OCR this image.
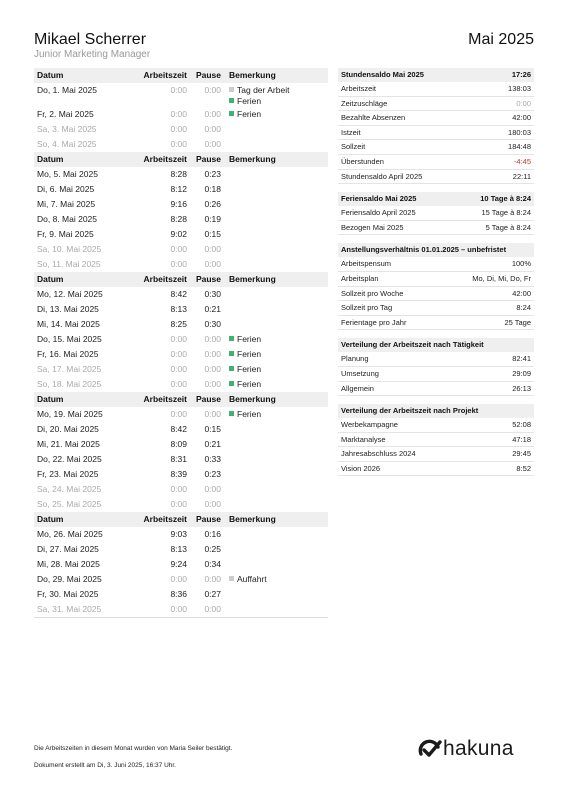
Mikael Scherrer
Junior Marketing Manager
Mai 2025
Datum	Arbeitszeit	Pause Bemerkung
Do, 1. Mai 2025	0:00	0:00	Tag der Arbeit
Ferien
Fr, 2. Mai 2025	0:00	0:00	Ferien
Sa, 3. Mai 2025	0:00	0:00
So, 4. Mai 2025	0:00	0:00
Datum	Arbeitszeit	Pause Bemerkung
Mo, 5. Mai 2025	8:28	0:23
Di, 6. Mai 2025	8:12	0:18
Mi, 7. Mai 2025	9:16	0:26
Do, 8. Mai 2025	8:28	0:19
Fr, 9. Mai 2025	9:02	0:15
Sa, 10. Mai 2025	0:00	0:00
So, 11. Mai 2025	0:00	0:00
Datum	Arbeitszeit	Pause Bemerkung
Mo, 12. Mai 2025	8:42	0:30
Di, 13. Mai 2025	8:13	0:21
Mi, 14. Mai 2025	8:25	0:30
Do, 15. Mai 2025	0:00	0:00	Ferien
Fr, 16. Mai 2025	0:00	0:00	Ferien
Sa, 17. Mai 2025	0:00	0:00	Ferien
So, 18. Mai 2025	0:00	0:00	Ferien
Datum	Arbeitszeit	Pause Bemerkung
Mo, 19. Mai 2025	0:00	0:00	Ferien
Di, 20. Mai 2025	8:42	0:15
Mi, 21. Mai 2025	8:09	0:21
Do, 22. Mai 2025	8:31	0:33
Fr, 23. Mai 2025	8:39	0:23
Sa, 24. Mai 2025	0:00	0:00
So, 25. Mai 2025	0:00	0:00
Datum	Arbeitszeit	Pause Bemerkung
Mo, 26. Mai 2025	9:03	0:16
Di, 27. Mai 2025	8:13	0:25
Mi, 28. Mai 2025	9:24	0:34
Do, 29. Mai 2025	0:00	0:00	Auffahrt
Fr, 30. Mai 2025	8:36	0:27
Sa, 31. Mai 2025	0:00	0:00
Stundensaldo Mai 2025	17:26
Arbeitszeit	138:03
Zeitzuschläge	0:00
Bezahlte Absenzen	42:00
Istzeit	180:03
Sollzeit	184:48
Überstunden	-4:45
Stundensaldo April 2025	22:11
Feriensaldo Mai 2025	10 Tage à 8:24
Feriensaldo April 2025	15 Tage à 8:24
Bezogen Mai 2025	5 Tage à 8:24
Anstellungsverhältnis 01.01.2025 – unbefristet
Arbeitspensum	100%
Arbeitsplan	Mo, Di, Mi, Do, Fr
Sollzeit pro Woche	42:00
Sollzeit pro Tag	8:24
Ferientage pro Jahr	25 Tage
Verteilung der Arbeitszeit nach Tätigkeit
Planung	82:41
Umsetzung	29:09
Allgemein	26:13
Verteilung der Arbeitszeit nach Projekt
Werbekampagne	52:08
Marktanalyse	47:18
Jahresabschluss 2024	29:45
Vision 2026	8:52
Die Arbeitszeiten in diesem Monat wurden von Maria Seiler bestätigt.
Dokument erstellt am Di, 3. Juni 2025, 16:37 Uhr.
hakuna
